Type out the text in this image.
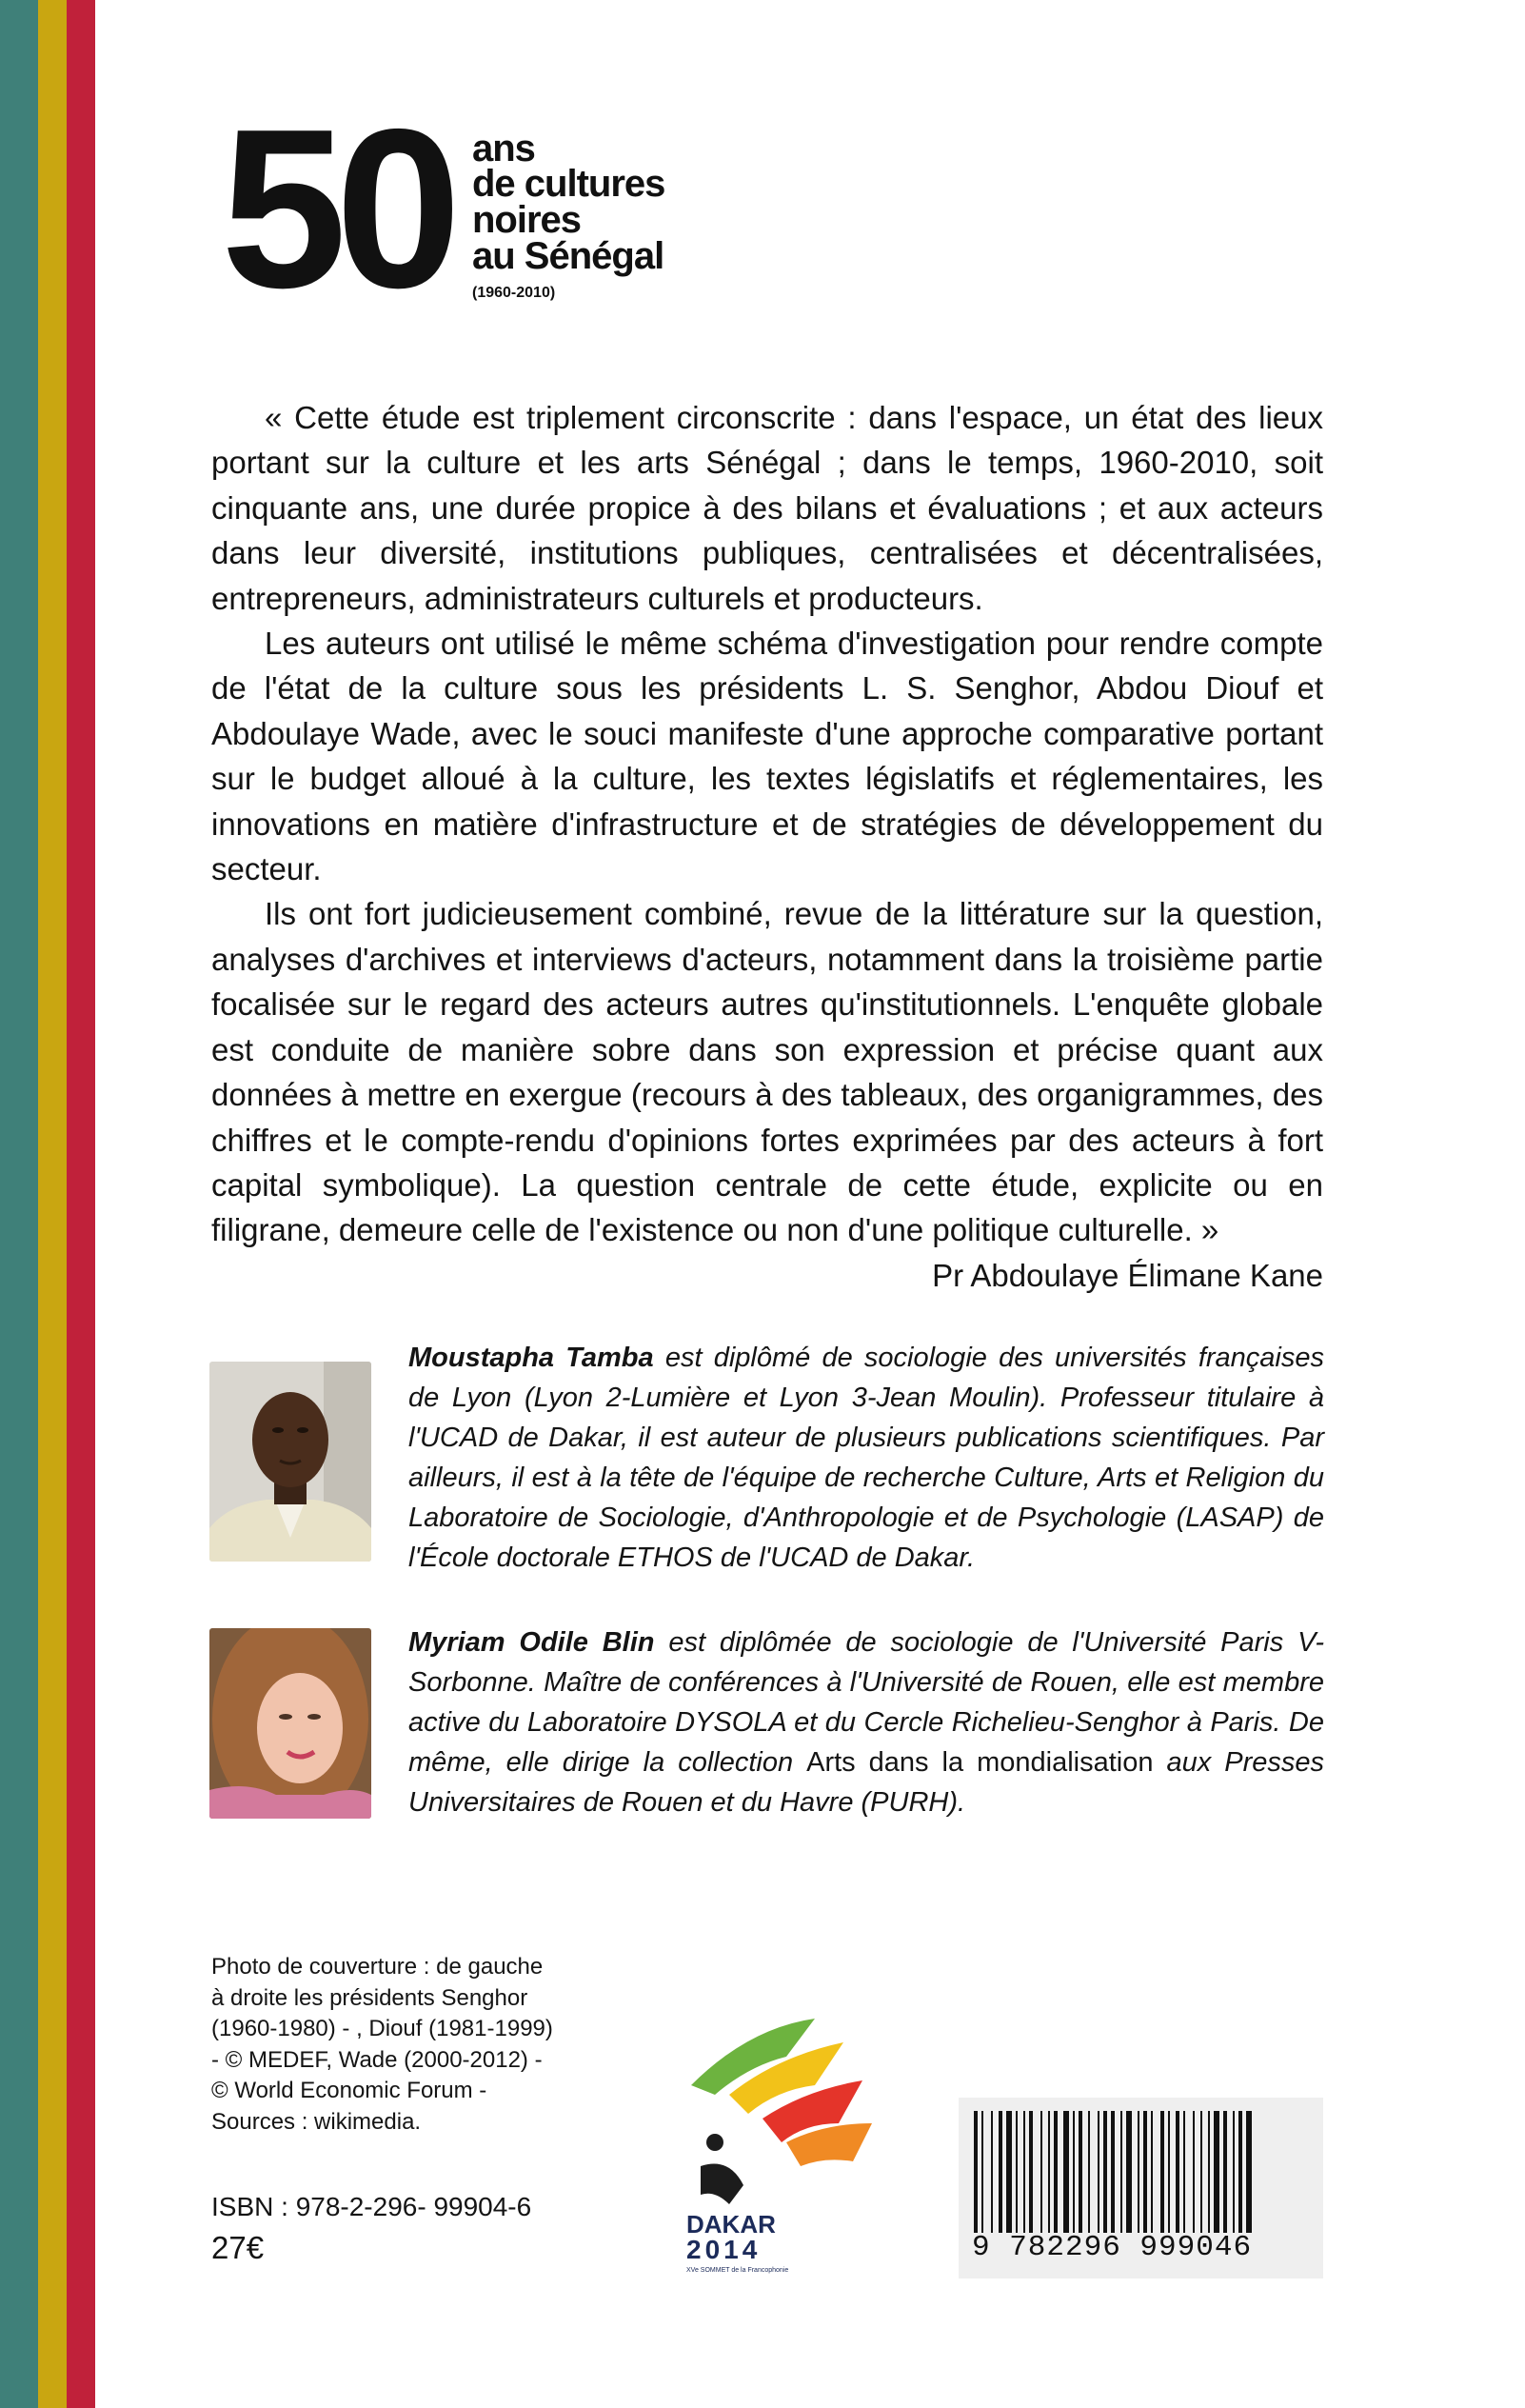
50 ans
de cultures
noires
au Sénégal
(1960-2010)

« Cette étude est triplement circonscrite : dans l'espace, un état des lieux portant sur la culture et les arts Sénégal ; dans le temps, 1960-2010, soit cinquante ans, une durée propice à des bilans et évaluations ; et aux acteurs dans leur diversité, institutions publiques, centralisées et décentralisées, entrepreneurs, administrateurs culturels et producteurs.

Les auteurs ont utilisé le même schéma d'investigation pour rendre compte de l'état de la culture sous les présidents L. S. Senghor, Abdou Diouf et Abdoulaye Wade, avec le souci manifeste d'une approche comparative portant sur le budget alloué à la culture, les textes législatifs et réglementaires, les innovations en matière d'infrastructure et de stratégies de développement du secteur.

Ils ont fort judicieusement combiné, revue de la littérature sur la question, analyses d'archives et interviews d'acteurs, notamment dans la troisième partie focalisée sur le regard des acteurs autres qu'institutionnels. L'enquête globale est conduite de manière sobre dans son expression et précise quant aux données à mettre en exergue (recours à des tableaux, des organigrammes, des chiffres et le compte-rendu d'opinions fortes exprimées par des acteurs à fort capital symbolique). La question centrale de cette étude, explicite ou en filigrane, demeure celle de l'existence ou non d'une politique culturelle. »

Pr Abdoulaye Élimane Kane
Moustapha Tamba est diplômé de sociologie des universités françaises de Lyon (Lyon 2-Lumière et Lyon 3-Jean Moulin). Professeur titulaire à l'UCAD de Dakar, il est auteur de plusieurs publications scientifiques. Par ailleurs, il est à la tête de l'équipe de recherche Culture, Arts et Religion du Laboratoire de Sociologie, d'Anthropologie et de Psychologie (LASAP) de l'École doctorale ETHOS de l'UCAD de Dakar.
Myriam Odile Blin est diplômée de sociologie de l'Université Paris V-Sorbonne. Maître de conférences à l'Université de Rouen, elle est membre active du Laboratoire DYSOLA et du Cercle Richelieu-Senghor à Paris. De même, elle dirige la collection Arts dans la mondialisation aux Presses Universitaires de Rouen et du Havre (PURH).
Photo de couverture : de gauche
à droite les présidents Senghor
(1960-1980) - , Diouf (1981-1999)
- © MEDEF, Wade (2000-2012) -
© World Economic Forum -
Sources : wikimedia.
ISBN : 978-2-296- 99904-6
27€
DAKAR
2014
XVe SOMMET de la Francophonie
9 782296 999046
